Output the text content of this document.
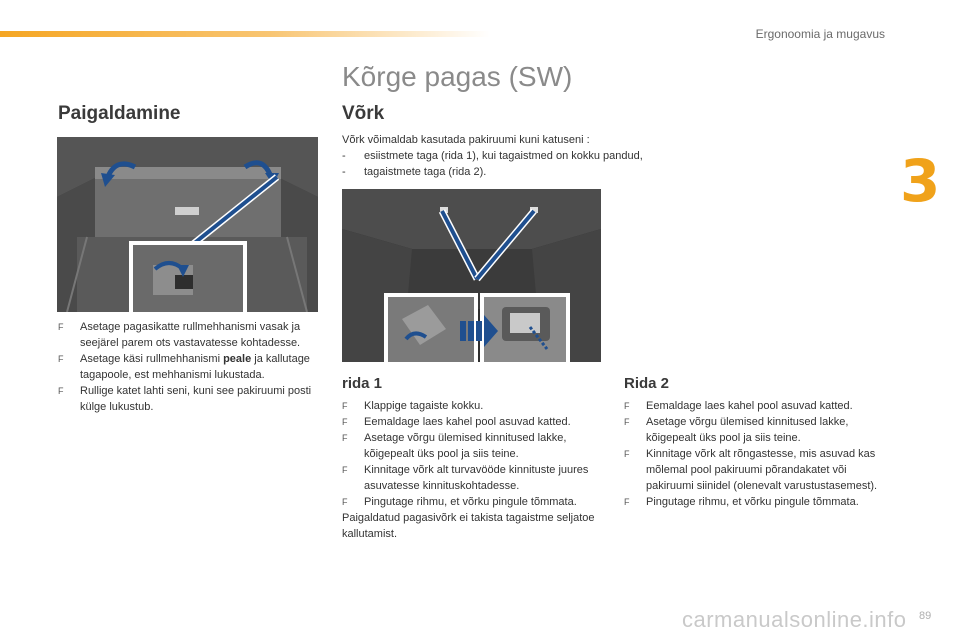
Ergonoomia ja mugavus
3
Kõrge pagas (SW)
Paigaldamine
F Asetage pagasikatte rullmehhanismi vasak ja seejärel parem ots vastavatesse kohtadesse.
F Asetage käsi rullmehhanismi peale ja kallutage tagapoole, est mehhanismi lukustada.
F Rullige katet lahti seni, kuni see pakiruumi posti külge lukustub.
Võrk

Võrk võimaldab kasutada pakiruumi kuni katuseni :

- esiistmete taga (rida 1), kui tagaistmed on kokku pandud,
- tagaistmete taga (rida 2).
rida 1
F Klappige tagaiste kokku.
F Eemaldage laes kahel pool asuvad katted.
F Asetage võrgu ülemised kinnitused lakke, kõigepealt üks pool ja siis teine.
F Kinnitage võrk alt turvavööde kinnituste juures asuvatesse kinnituskohtadesse.
F Pingutage rihmu, et võrku pingule tõmmata.

Paigaldatud pagasivõrk ei takista tagaistme seljatoe kallutamist.

Rida 2
F Eemaldage laes kahel pool asuvad katted.
F Asetage võrgu ülemised kinnitused lakke, kõigepealt üks pool ja siis teine.
F Kinnitage võrk alt rõngastesse, mis asuvad kas mõlemal pool pakiruumi põrandakatet või pakiruumi siinidel (olenevalt varustustasemest).
F Pingutage rihmu, et võrku pingule tõmmata.
carmanualsonline.info 89
